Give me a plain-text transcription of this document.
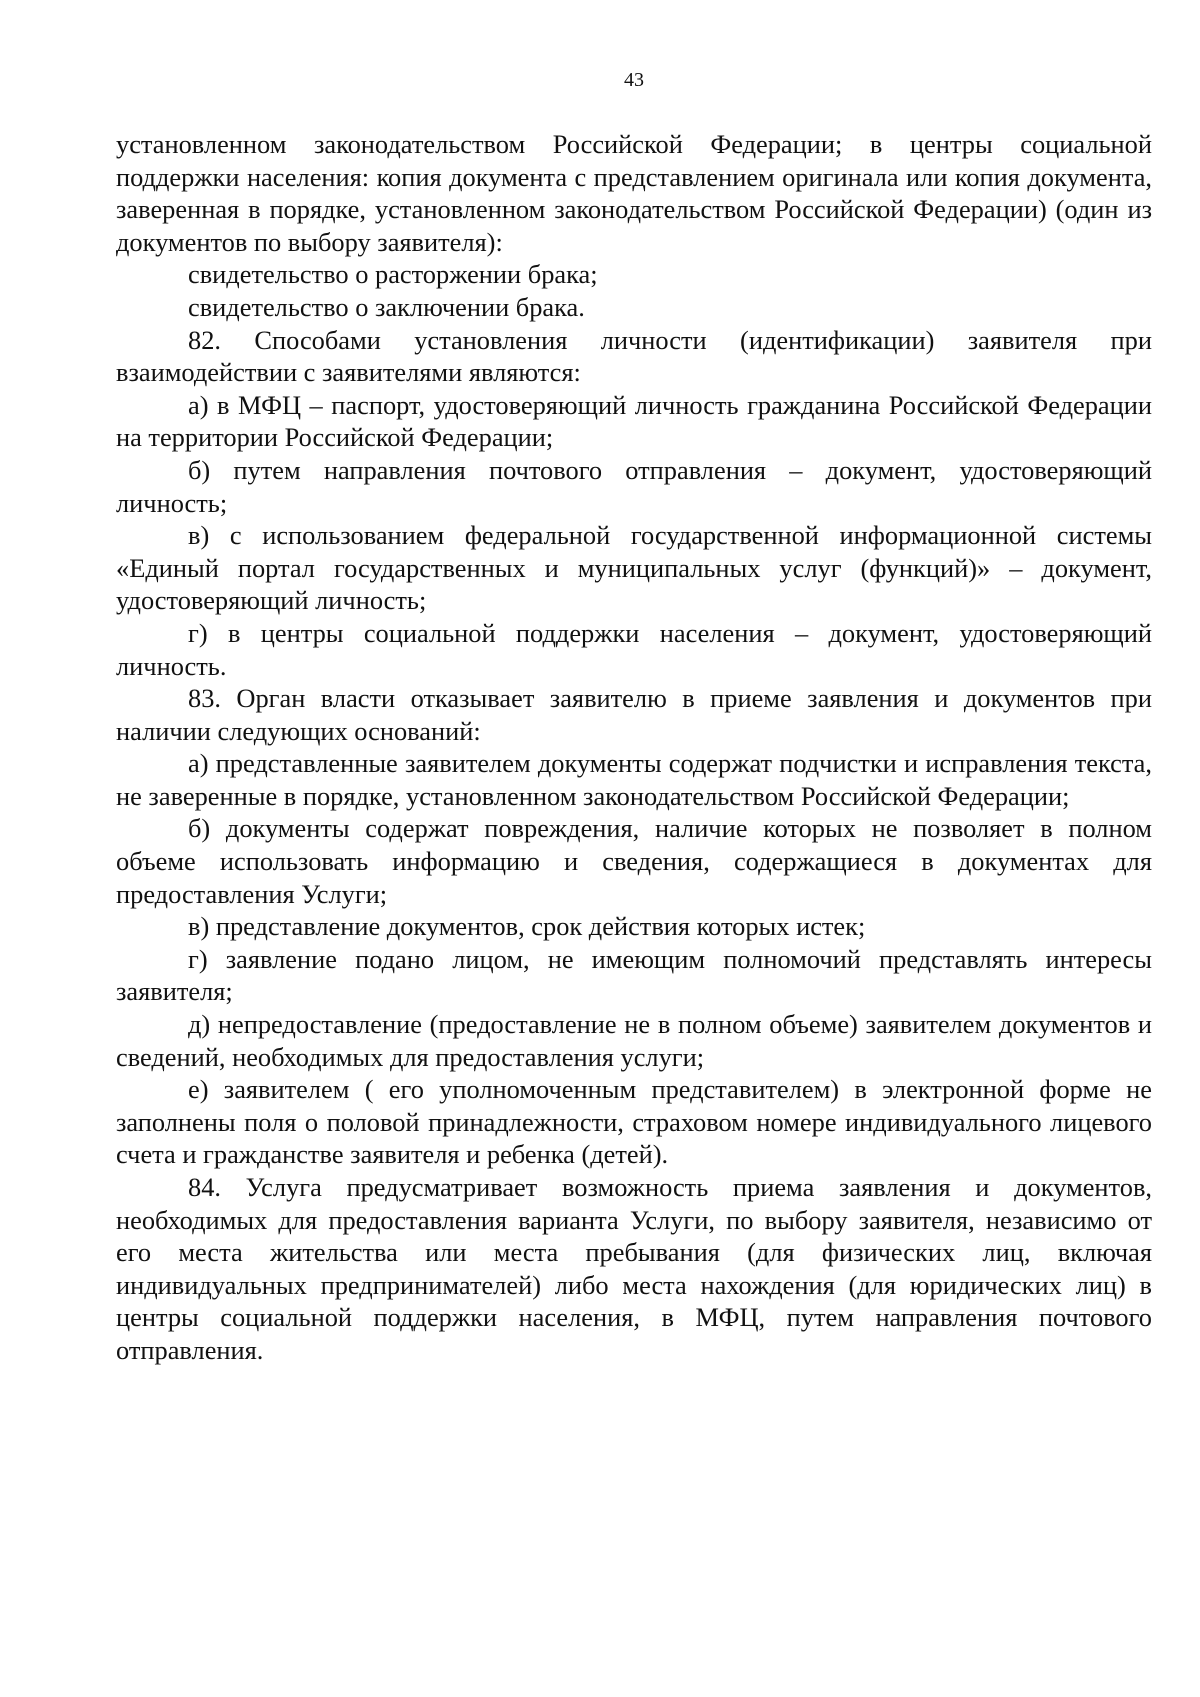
43

установленном законодательством Российской Федерации; в центры социальной поддержки населения: копия документа с представлением оригинала или копия документа, заверенная в порядке, установленном законодательством Российской Федерации) (один из документов по выбору заявителя):

свидетельство о расторжении брака;

свидетельство о заключении брака.

82. Способами установления личности (идентификации) заявителя при взаимодействии с заявителями являются:

а) в МФЦ – паспорт, удостоверяющий личность гражданина Российской Федерации на территории Российской Федерации;

б) путем направления почтового отправления – документ, удостоверяющий личность;

в) с использованием федеральной государственной информационной системы «Единый портал государственных и муниципальных услуг (функций)» – документ, удостоверяющий личность;

г) в центры социальной поддержки населения – документ, удостоверяющий личность.

83. Орган власти отказывает заявителю в приеме заявления и документов при наличии следующих оснований:

а) представленные заявителем документы содержат подчистки и исправления текста, не заверенные в порядке, установленном законодательством Российской Федерации;

б) документы содержат повреждения, наличие которых не позволяет в полном объеме использовать информацию и сведения, содержащиеся в документах для предоставления Услуги;

в) представление документов, срок действия которых истек;

г) заявление подано лицом, не имеющим полномочий представлять интересы заявителя;

д) непредоставление (предоставление не в полном объеме) заявителем документов и сведений, необходимых для предоставления услуги;

е) заявителем ( его уполномоченным представителем) в электронной форме не заполнены поля о половой принадлежности, страховом номере индивидуального лицевого счета и гражданстве заявителя и ребенка (детей).

84. Услуга предусматривает возможность приема заявления и документов, необходимых для предоставления варианта Услуги, по выбору заявителя, независимо от его места жительства или места пребывания (для физических лиц, включая индивидуальных предпринимателей) либо места нахождения (для юридических лиц) в центры социальной поддержки населения, в МФЦ, путем направления почтового отправления.
